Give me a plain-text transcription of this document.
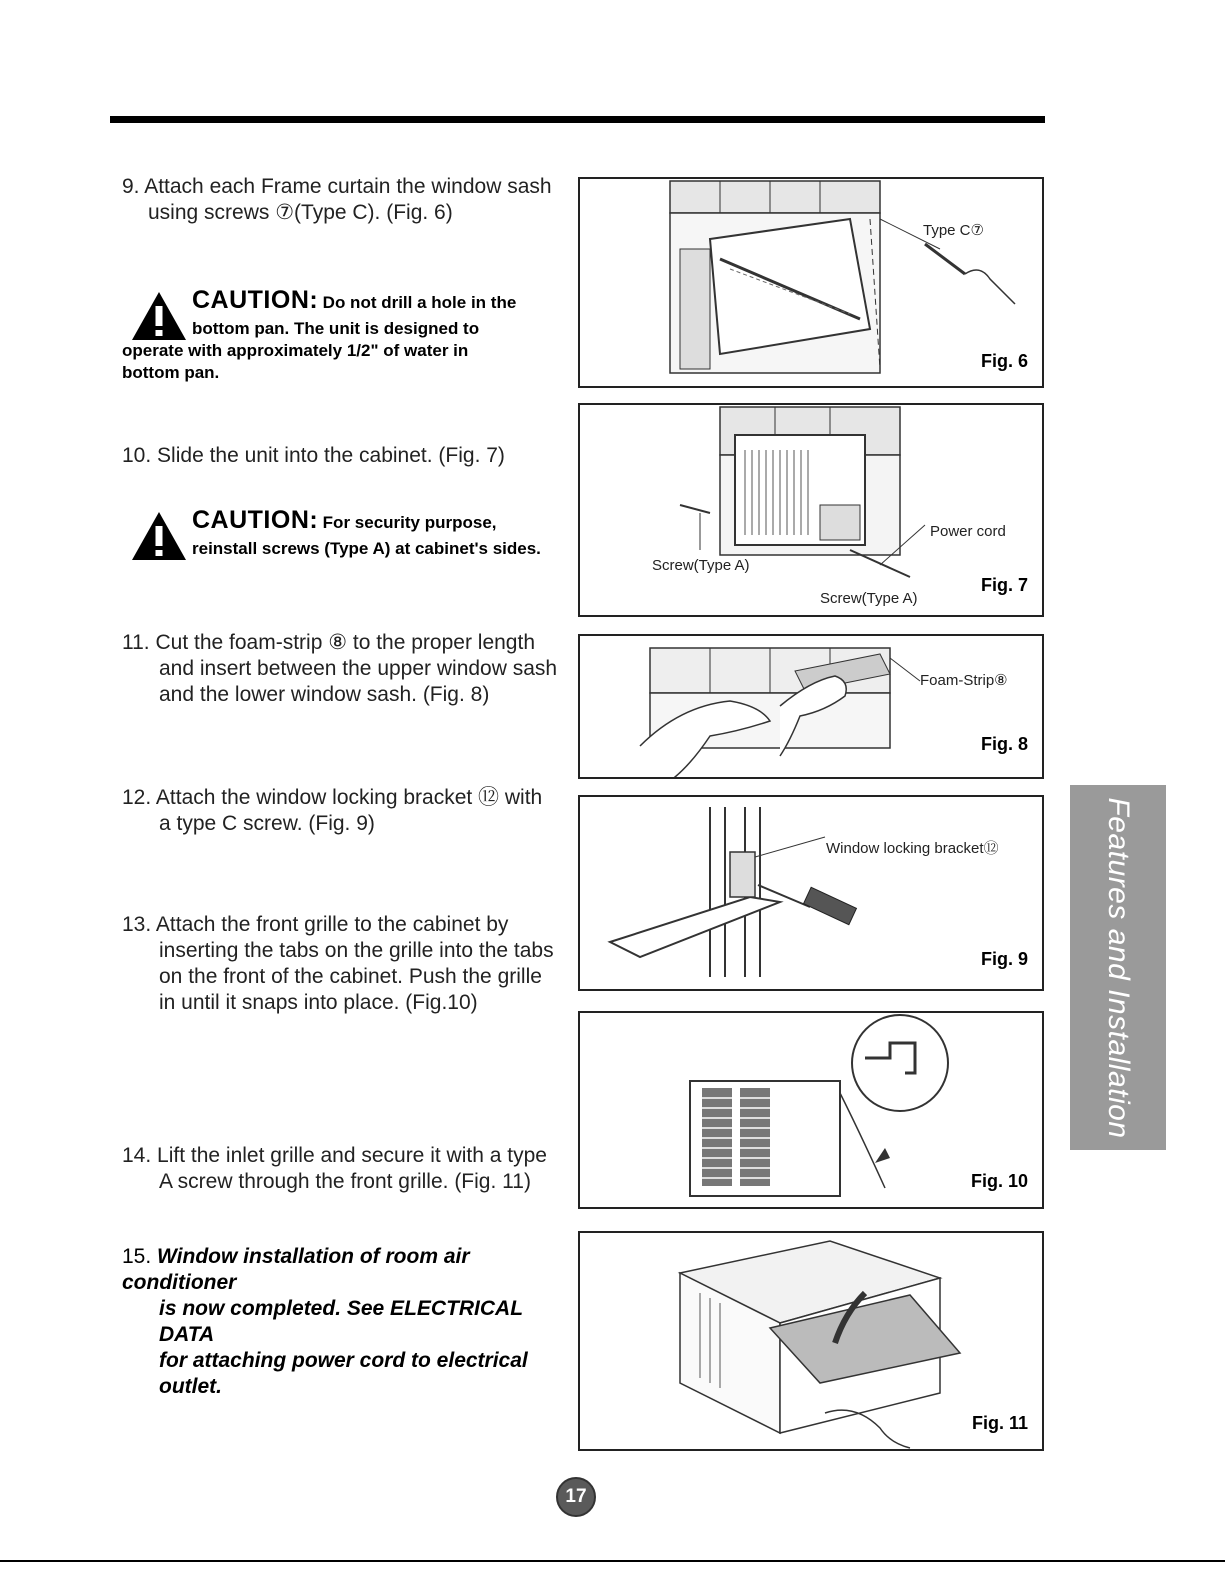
9. Attach each Frame curtain the window sash
using screws ⑦(Type C). (Fig. 6)
CAUTION: Do not drill a hole in the
bottom pan. The unit is designed to
operate with approximately 1/2" of water in
bottom pan.
10. Slide the unit into the cabinet. (Fig. 7)
CAUTION: For security purpose,
reinstall screws (Type A) at cabinet's sides.
11. Cut the foam-strip ⑧ to the proper length
and insert between the upper window sash
and the lower window sash. (Fig. 8)
12. Attach the window locking bracket ⑫ with
a type C screw. (Fig. 9)
13. Attach the front grille to the cabinet by
inserting the tabs on the grille into the tabs
on the front of the cabinet. Push the grille
in until it snaps into place. (Fig.10)
14. Lift the inlet grille and secure it with a type
A screw through the front grille. (Fig. 11)
15. Window installation of room air conditioner
is now completed. See ELECTRICAL DATA
for attaching power cord to electrical outlet.
Type C⑦
Fig. 6
Power cord
Screw(Type A)
Screw(Type A)
Fig. 7
Foam-Strip⑧
Fig. 8
Window locking bracket⑫
Fig. 9
Fig. 10
Fig. 11
Features and Installation
17
